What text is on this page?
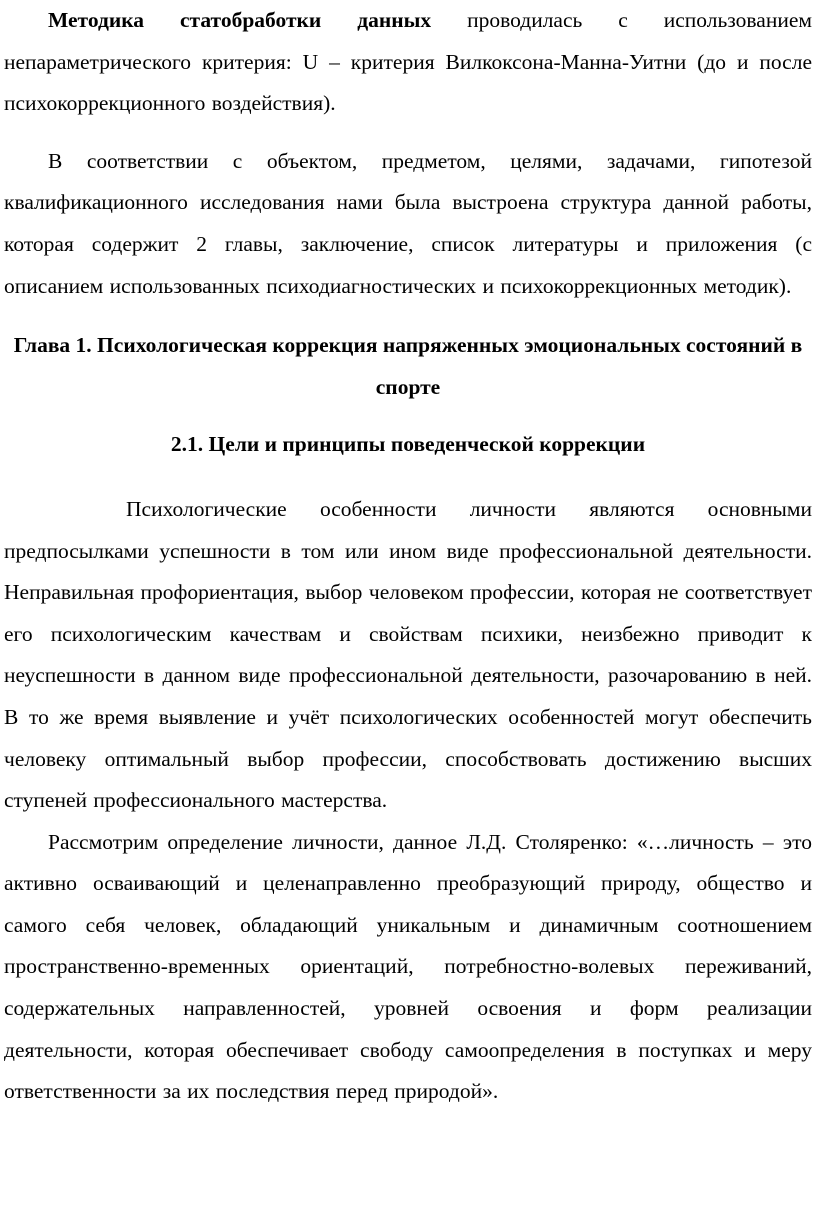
Методика статобработки данных проводилась с использованием непараметрического критерия: U – критерия Вилкоксона-Манна-Уитни (до и после психокоррекционного воздействия).

В соответствии с объектом, предметом, целями, задачами, гипотезой квалификационного исследования нами была выстроена структура данной работы, которая содержит 2 главы, заключение, список литературы и приложения (с описанием использованных психодиагностических и психокоррекционных методик).

Глава 1. Психологическая коррекция напряженных эмоциональных состояний в спорте
2.1. Цели и принципы поведенческой коррекции

Психологические особенности личности являются основными предпосылками успешности в том или ином виде профессиональной деятельности. Неправильная профориентация, выбор человеком профессии, которая не соответствует его психологическим качествам и свойствам психики, неизбежно приводит к неуспешности в данном виде профессиональной деятельности, разочарованию в ней. В то же время выявление и учёт психологических особенностей могут обеспечить человеку оптимальный выбор профессии, способствовать достижению высших ступеней профессионального мастерства.

Рассмотрим определение личности, данное Л.Д. Столяренко: «…личность – это активно осваивающий и целенаправленно преобразующий природу, общество и самого себя человек, обладающий уникальным и динамичным соотношением пространственно-временных ориентаций, потребностно-волевых переживаний, содержательных направленностей, уровней освоения и форм реализации деятельности, которая обеспечивает свободу самоопределения в поступках и меру ответственности за их последствия перед природой».
